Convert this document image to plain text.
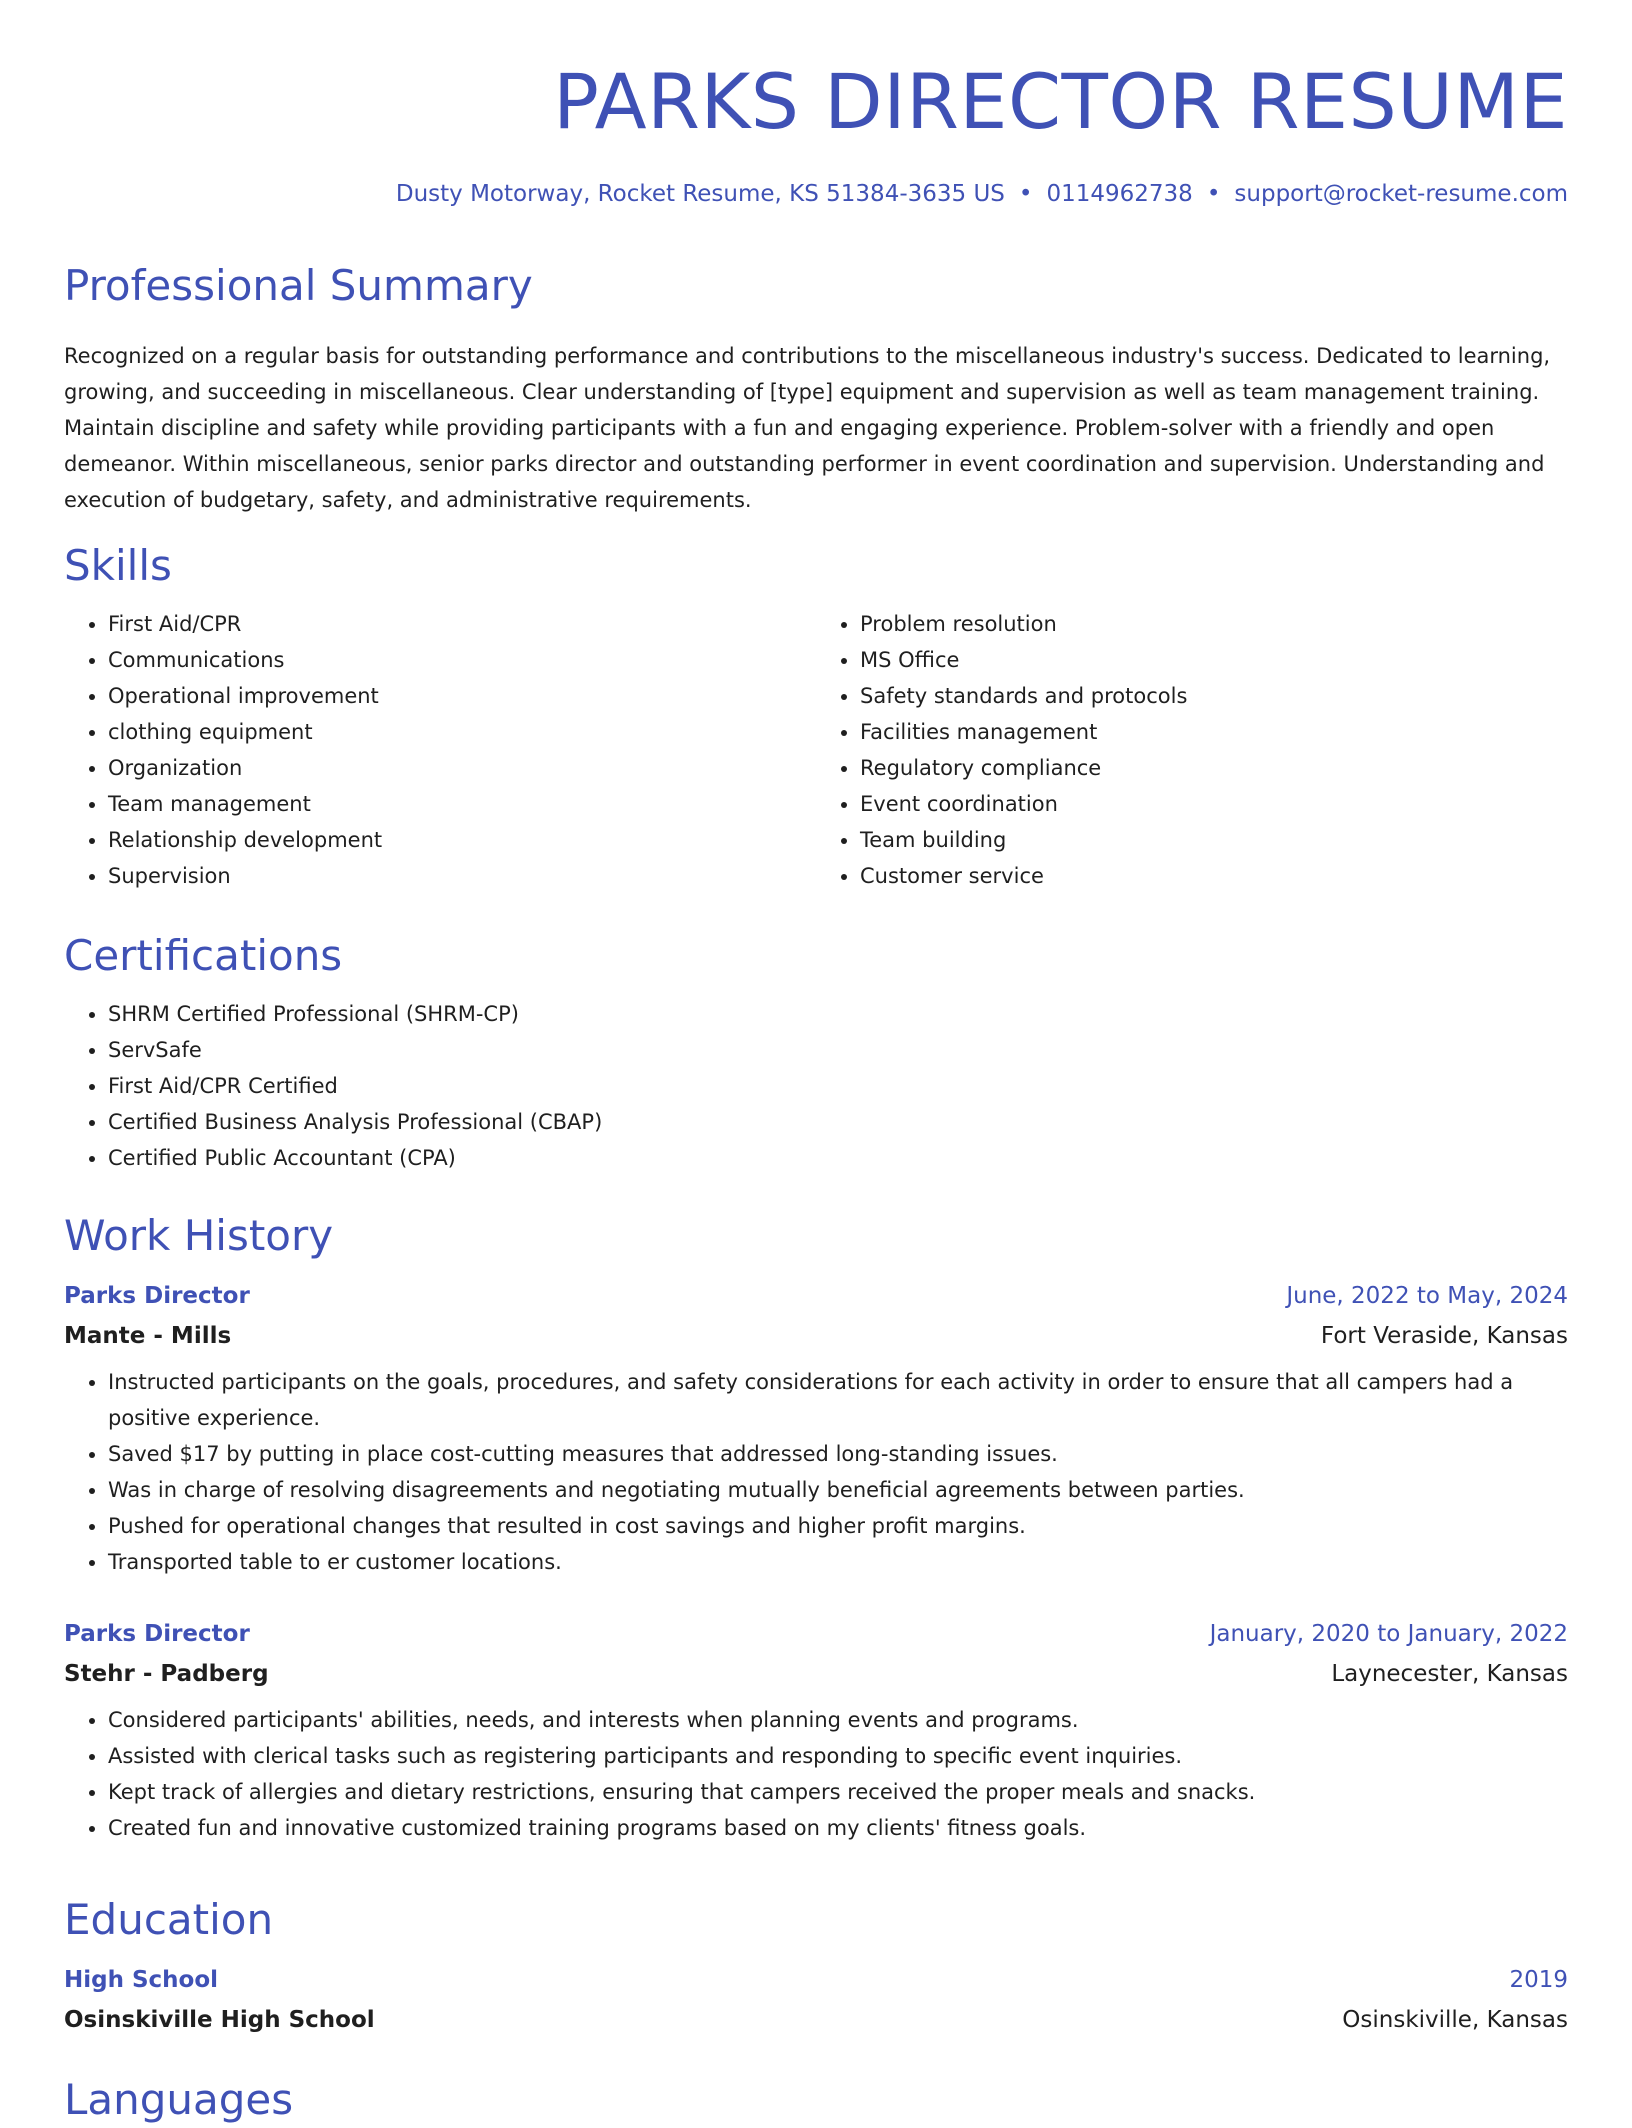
PARKS DIRECTOR RESUME
Dusty Motorway, Rocket Resume, KS 51384-3635 US • 0114962738 • support@rocket-resume.com
Professional Summary

Recognized on a regular basis for outstanding performance and contributions to the miscellaneous industry's success. Dedicated to learning, growing, and succeeding in miscellaneous. Clear understanding of [type] equipment and supervision as well as team management training. Maintain discipline and safety while providing participants with a fun and engaging experience. Problem-solver with a friendly and open demeanor. Within miscellaneous, senior parks director and outstanding performer in event coordination and supervision. Understanding and execution of budgetary, safety, and administrative requirements.

Skills
• First Aid/CPR
• Communications
• Operational improvement
• clothing equipment
• Organization
• Team management
• Relationship development
• Supervision
• Problem resolution
• MS Office
• Safety standards and protocols
• Facilities management
• Regulatory compliance
• Event coordination
• Team building
• Customer service
Certifications
• SHRM Certified Professional (SHRM-CP)
• ServSafe
• First Aid/CPR Certified
• Certified Business Analysis Professional (CBAP)
• Certified Public Accountant (CPA)
Work History
Parks Director	June, 2022 to May, 2024
Mante - Mills	Fort Veraside, Kansas
• Instructed participants on the goals, procedures, and safety considerations for each activity in order to ensure that all campers had a positive experience.
• Saved $17 by putting in place cost-cutting measures that addressed long-standing issues.
• Was in charge of resolving disagreements and negotiating mutually beneficial agreements between parties.
• Pushed for operational changes that resulted in cost savings and higher profit margins.
• Transported table to er customer locations.
Parks Director	January, 2020 to January, 2022
Stehr - Padberg	Laynecester, Kansas
• Considered participants' abilities, needs, and interests when planning events and programs.
• Assisted with clerical tasks such as registering participants and responding to specific event inquiries.
• Kept track of allergies and dietary restrictions, ensuring that campers received the proper meals and snacks.
• Created fun and innovative customized training programs based on my clients' fitness goals.
Education
High School	2019
Osinskiville High School	Osinskiville, Kansas
Languages
